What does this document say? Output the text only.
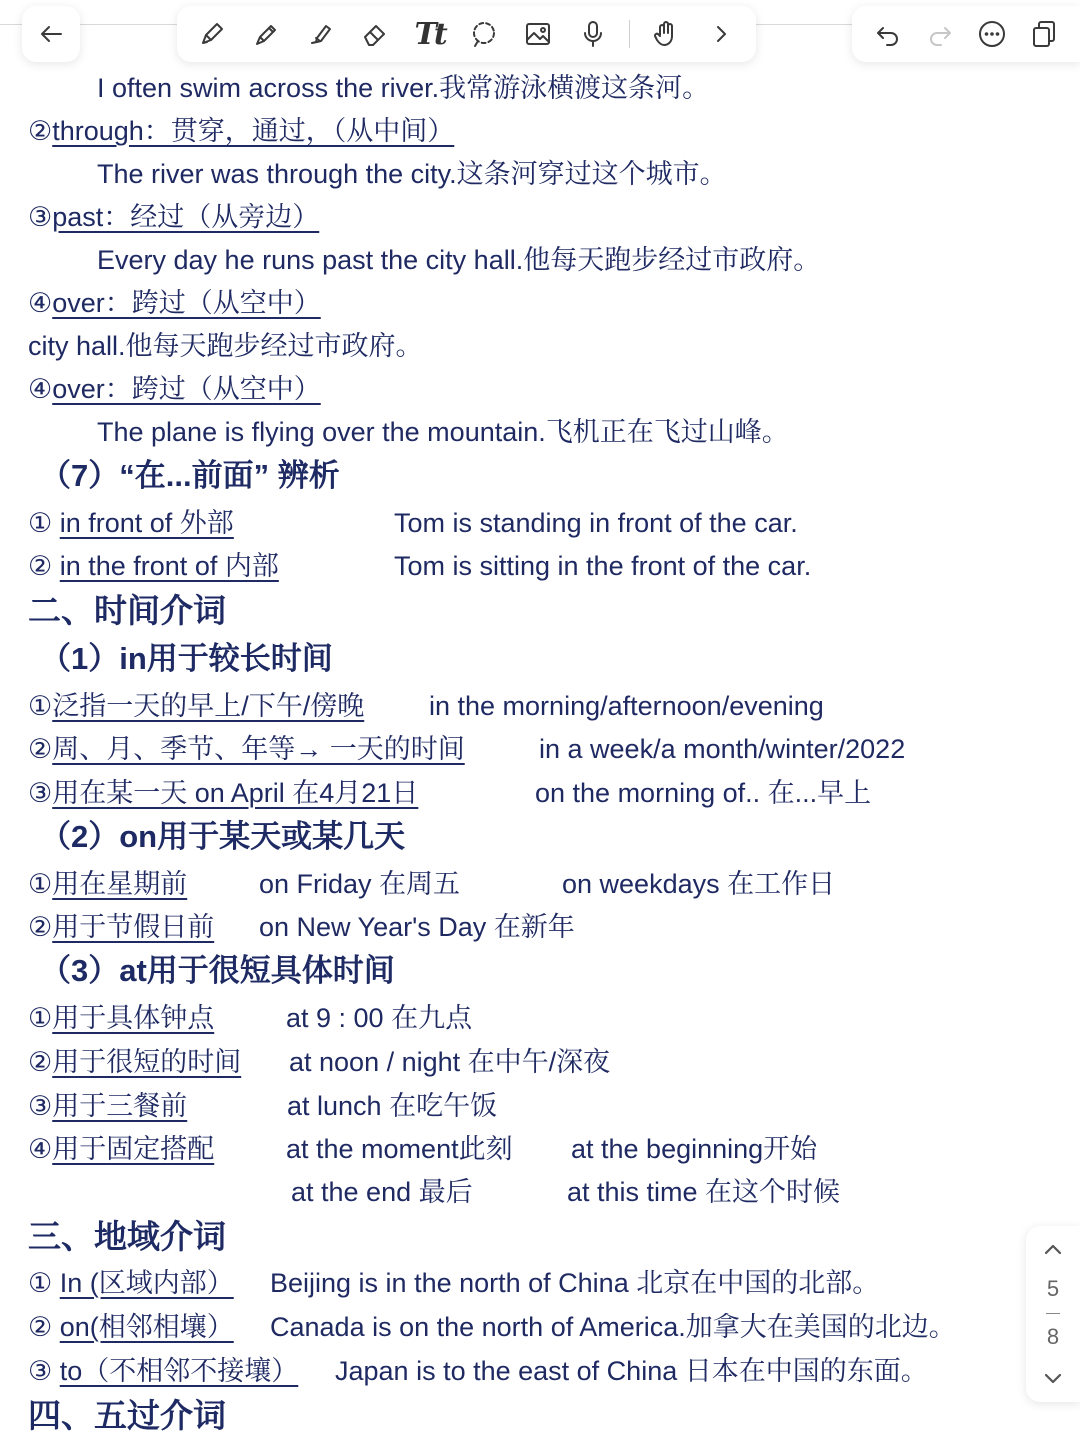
Tt
I often swim across the river.我常游泳横渡这条河。
②through：贯穿，通过，（从中间）
The river was through the city.这条河穿过这个城市。
③past：经过（从旁边）
Every day he runs past the city hall.他每天跑步经过市政府。
④over：跨过（从空中）
city hall.他每天跑步经过市政府。
④over：跨过（从空中）
The plane is flying over the mountain.飞机正在飞过山峰。
（7）“在...前面” 辨析
① in front of 外部	Tom is standing in front of the car.
② in the front of 内部	Tom is sitting in the front of the car.
二、时间介词
（1）in用于较长时间
①泛指一天的早上/下午/傍晚 in the morning/afternoon/evening
②周、月、季节、年等→ 一天的时间	in a week/a month/winter/2022
③用在某一天 on April 在4月21日	on the morning of.. 在...早上
（2）on用于某天或某几天
①用在星期前	on Friday 在周五	on weekdays 在工作日
②用于节假日前 on New Year's Day 在新年
（3）at用于很短具体时间
①用于具体钟点	at 9 : 00 在九点
②用于很短的时间 at noon / night 在中午/深夜
③用于三餐前	at lunch 在吃午饭
④用于固定搭配	at the moment此刻 at the beginning开始
at the end 最后	at this time 在这个时候
三、地域介词
① In (区域内部） Beijing is in the north of China 北京在中国的北部。
② on(相邻相壤） Canada is on the north of America.加拿大在美国的北边。
③ to（不相邻不接壤） Japan is to the east of China 日本在中国的东面。
四、五过介词
5
8
